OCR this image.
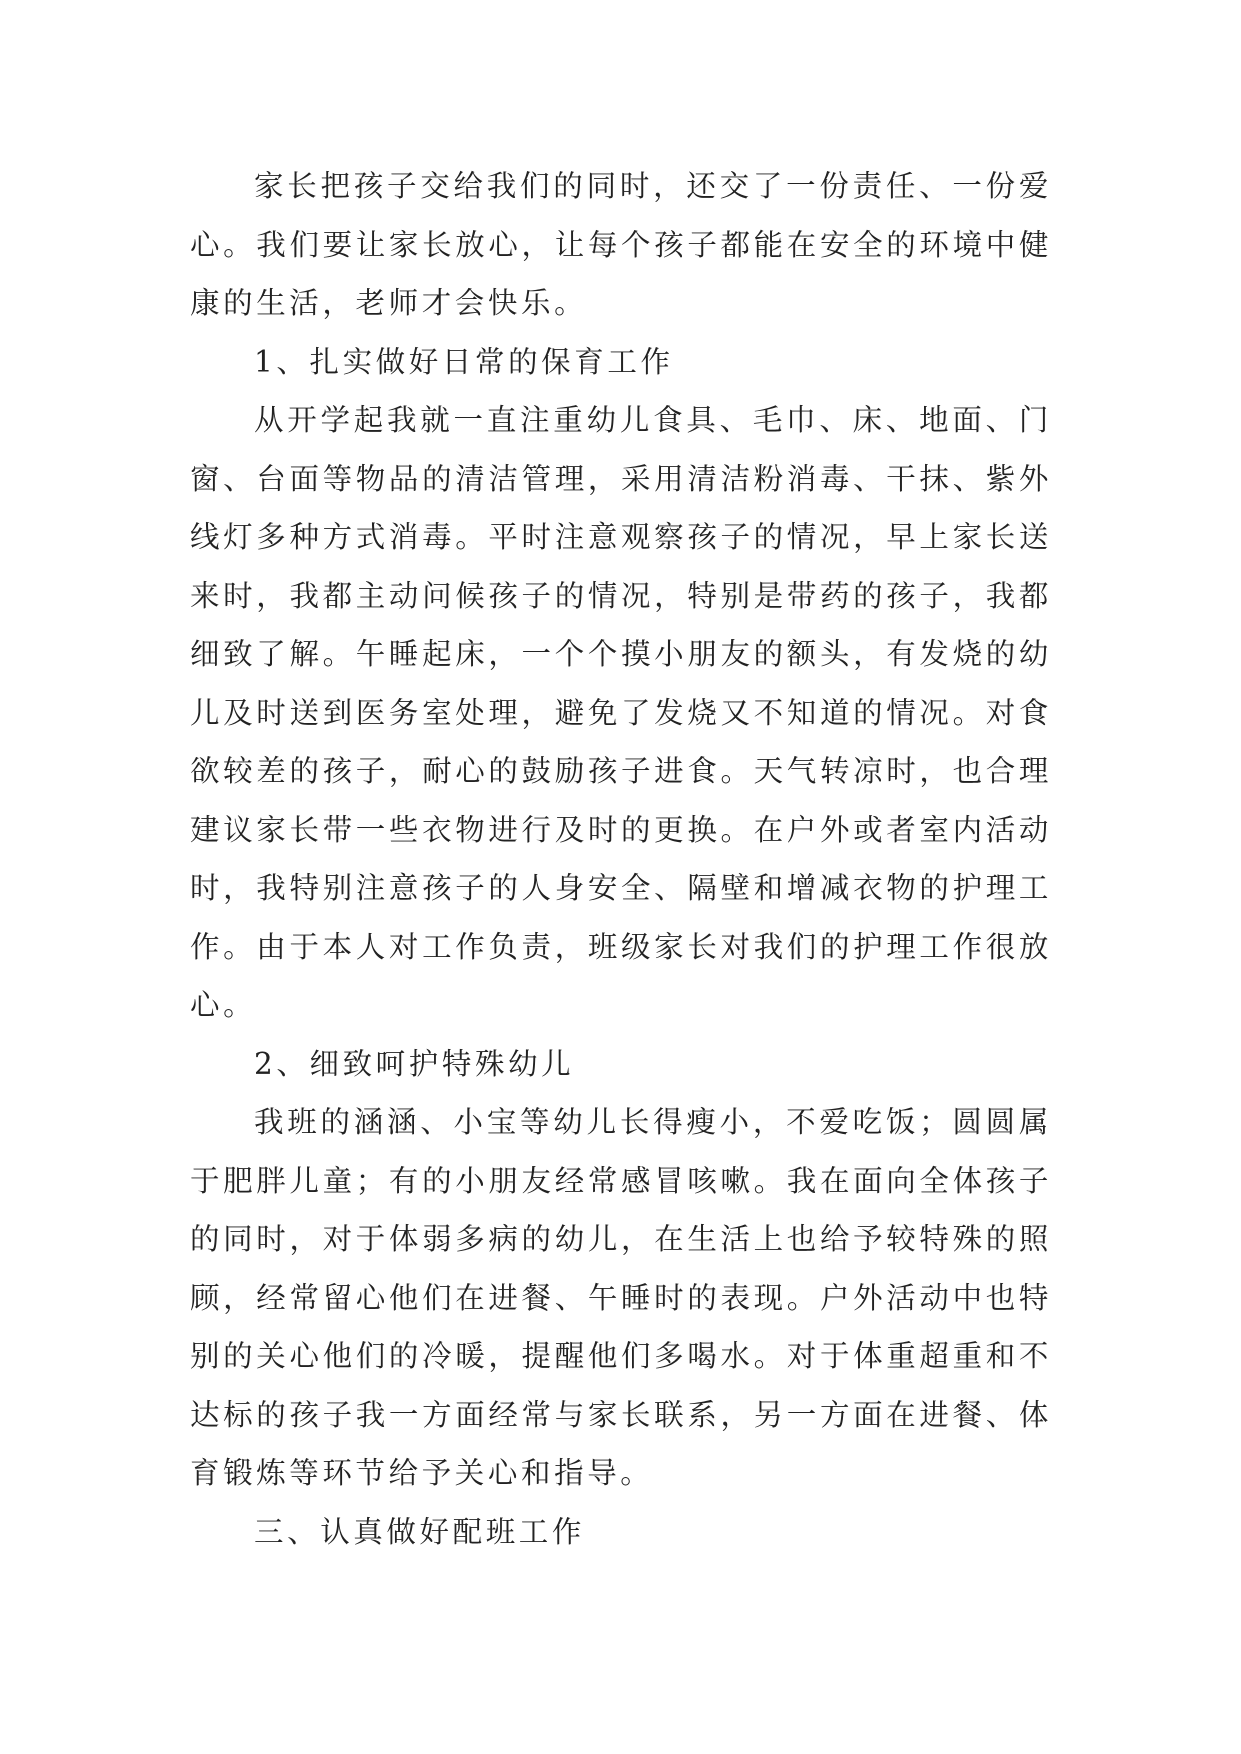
家长把孩子交给我们的同时，还交了一份责任、一份爱心。我们要让家长放心，让每个孩子都能在安全的环境中健康的生活，老师才会快乐。

1、扎实做好日常的保育工作

从开学起我就一直注重幼儿食具、毛巾、床、地面、门窗、台面等物品的清洁管理，采用清洁粉消毒、干抹、紫外线灯多种方式消毒。平时注意观察孩子的情况，早上家长送来时，我都主动问候孩子的情况，特别是带药的孩子，我都细致了解。午睡起床，一个个摸小朋友的额头，有发烧的幼儿及时送到医务室处理，避免了发烧又不知道的情况。对食欲较差的孩子，耐心的鼓励孩子进食。天气转凉时，也合理建议家长带一些衣物进行及时的更换。在户外或者室内活动时，我特别注意孩子的人身安全、隔壁和增减衣物的护理工作。由于本人对工作负责，班级家长对我们的护理工作很放心。

2、细致呵护特殊幼儿

我班的涵涵、小宝等幼儿长得瘦小，不爱吃饭；圆圆属于肥胖儿童；有的小朋友经常感冒咳嗽。我在面向全体孩子的同时，对于体弱多病的幼儿，在生活上也给予较特殊的照顾，经常留心他们在进餐、午睡时的表现。户外活动中也特别的关心他们的冷暖，提醒他们多喝水。对于体重超重和不达标的孩子我一方面经常与家长联系，另一方面在进餐、体育锻炼等环节给予关心和指导。

三、认真做好配班工作
